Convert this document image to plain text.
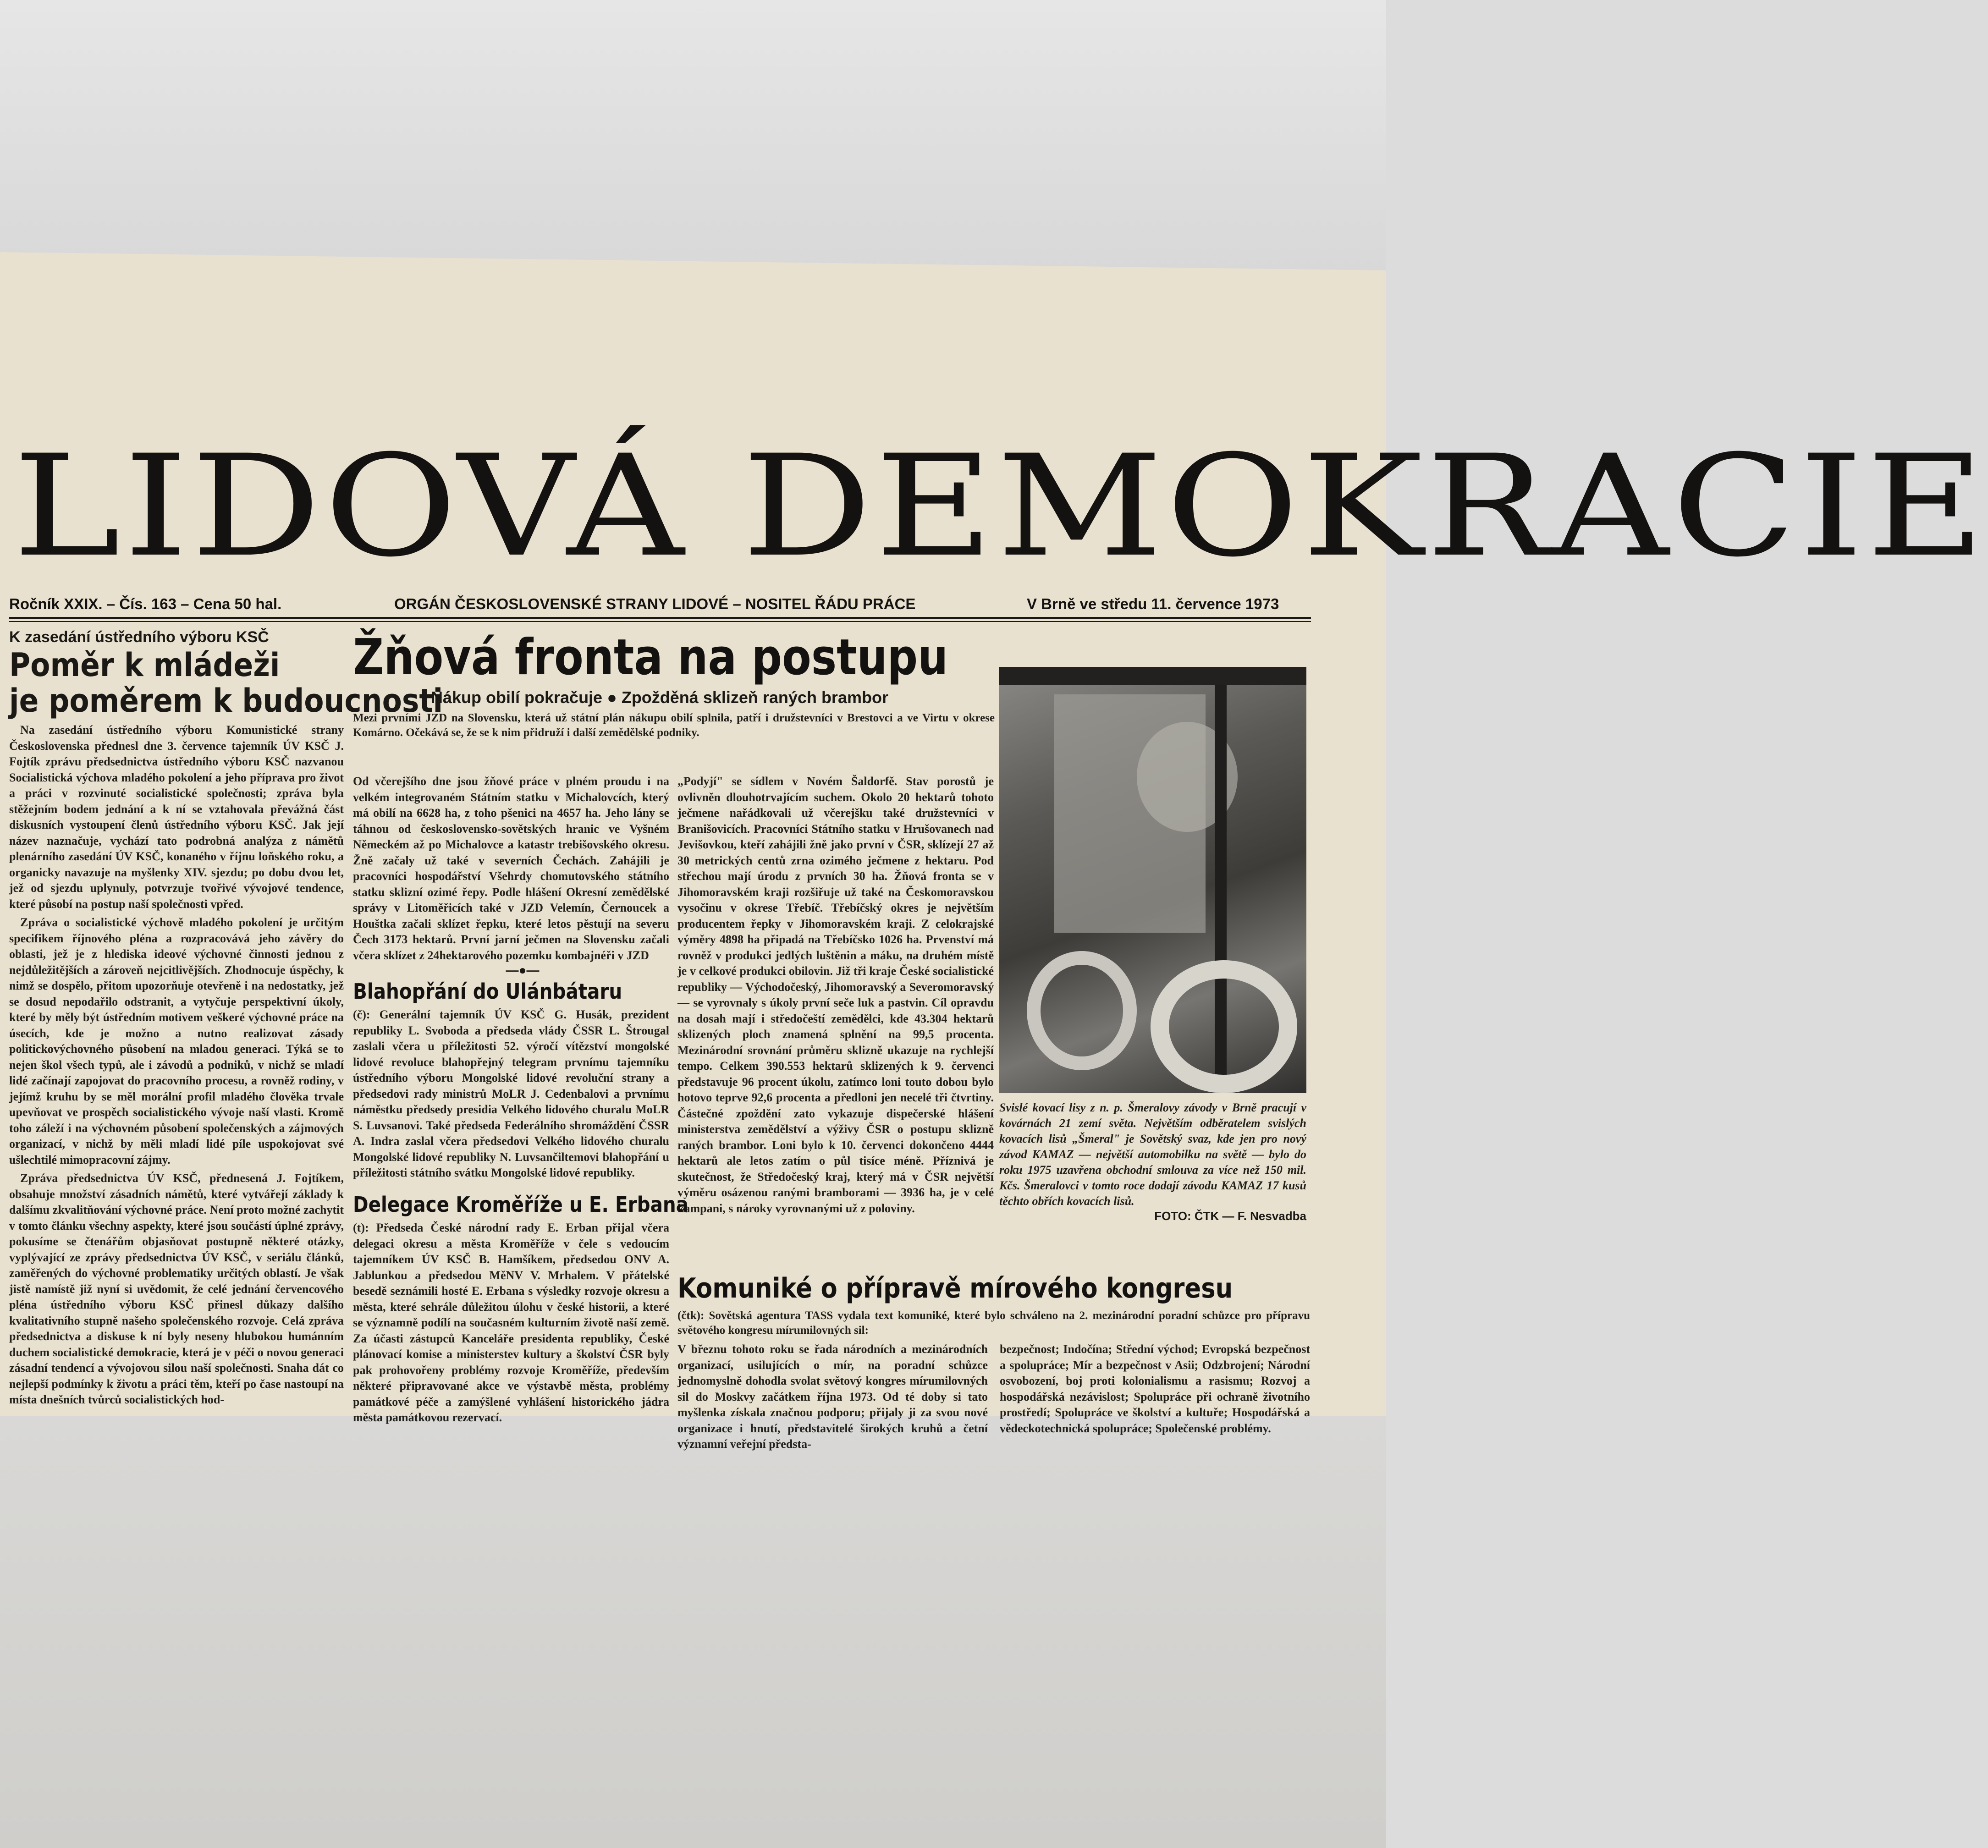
LIDOVÁ DEMOKRACIE
Ročník XXIX. – Čís. 163 – Cena 50 hal.	ORGÁN ČESKOSLOVENSKÉ STRANY LIDOVÉ – NOSITEL ŘÁDU PRÁCE	V Brně ve středu 11. července 1973
K zasedání ústředního výboru KSČ
Poměr k mládeži
je poměrem k budoucnosti

Na zasedání ústředního výboru Komunistické strany Československa přednesl dne 3. července tajemník ÚV KSČ J. Fojtík zprávu předsednictva ústředního výboru KSČ nazvanou Socialistická výchova mladého pokolení a jeho příprava pro život a práci v rozvinuté socialistické společnosti; zpráva byla stěžejním bodem jednání a k ní se vztahovala převážná část diskusních vystoupení členů ústředního výboru KSČ. Jak její název naznačuje, vychází tato podrobná analýza z námětů plenárního zasedání ÚV KSČ, konaného v říjnu loňského roku, a organicky navazuje na myšlenky XIV. sjezdu; po dobu dvou let, jež od sjezdu uplynuly, potvrzuje tvořivé vývojové tendence, které působí na postup naší společnosti vpřed.

Zpráva o socialistické výchově mladého pokolení je určitým specifikem říjnového pléna a rozpracovává jeho závěry do oblasti, jež je z hlediska ideové výchovné činnosti jednou z nejdůležitějších a zároveň nejcitlivějších. Zhodnocuje úspěchy, k nimž se dospělo, přitom upozorňuje otevřeně i na nedostatky, jež se dosud nepodařilo odstranit, a vytyčuje perspektivní úkoly, které by měly být ústředním motivem veškeré výchovné práce na úsecích, kde je možno a nutno realizovat zásady politickovýchovného působení na mladou generaci. Týká se to nejen škol všech typů, ale i závodů a podniků, v nichž se mladí lidé začínají zapojovat do pracovního procesu, a rovněž rodiny, v jejímž kruhu by se měl morální profil mladého člověka trvale upevňovat ve prospěch socialistického vývoje naší vlasti. Kromě toho záleží i na výchovném působení společenských a zájmových organizací, v nichž by měli mladí lidé píle uspokojovat své ušlechtilé mimopracovní zájmy.

Zpráva předsednictva ÚV KSČ, přednesená J. Fojtíkem, obsahuje množství zásadních námětů, které vytvářejí základy k dalšímu zkvalitňování výchovné práce. Není proto možné zachytit v tomto článku všechny aspekty, které jsou součástí úplné zprávy, pokusíme se čtenářům objasňovat postupně některé otázky, vyplývající ze zprávy předsednictva ÚV KSČ, v seriálu článků, zaměřených do výchovné problematiky určitých oblastí. Je však jistě namístě již nyní si uvědomit, že celé jednání červencového pléna ústředního výboru KSČ přinesl důkazy dalšího kvalitativního stupně našeho společenského rozvoje. Celá zpráva předsednictva a diskuse k ní byly neseny hlubokou humánním duchem socialistické demokracie, která je v péči o novou generaci zásadní tendencí a vývojovou silou naší společnosti. Snaha dát co nejlepší podmínky k životu a práci těm, kteří po čase nastoupí na místa dnešních tvůrců socialistických hod-

Žňová fronta na postupu
Nákup obilí pokračuje ● Zpožděná sklizeň raných brambor
Mezi prvními JZD na Slovensku, která už státní plán nákupu obilí splnila, patří i družstevníci v Brestovci a ve Virtu v okrese Komárno. Očekává se, že se k nim přidruží i další zemědělské podniky.
Od včerejšího dne jsou žňové práce v plném proudu i na velkém integrovaném Státním statku v Michalovcích, který má obilí na 6628 ha, z toho pšenici na 4657 ha. Jeho lány se táhnou od československo-sovětských hranic ve Vyšném Německém až po Michalovce a katastr trebišovského okresu. Žně začaly už také v severních Čechách. Zahájili je pracovníci hospodářství Všehrdy chomutovského státního statku sklizní ozimé řepy. Podle hlášení Okresní zemědělské správy v Litoměřicích také v JZD Velemín, Černoucek a Houštka začali sklízet řepku, které letos pěstují na severu Čech 3173 hektarů. První jarní ječmen na Slovensku začali včera sklízet z 24hektarového pozemku kombajnéři v JZD
—●—
„Podyjí" se sídlem v Novém Šaldorfě. Stav porostů je ovlivněn dlouhotrvajícím suchem. Okolo 20 hektarů tohoto ječmene nařádkovali už včerejšku také družstevníci v Branišovicích. Pracovníci Státního statku v Hrušovanech nad Jevišovkou, kteří zahájili žně jako první v ČSR, sklízejí 27 až 30 metrických centů zrna ozimého ječmene z hektaru. Pod střechou mají úrodu z prvních 30 ha. Žňová fronta se v Jihomoravském kraji rozšiřuje už také na Českomoravskou vysočinu v okrese Třebíč. Třebíčský okres je největším producentem řepky v Jihomoravském kraji. Z celokrajské výměry 4898 ha připadá na Třebíčsko 1026 ha. Prvenství má rovněž v produkci jedlých luštěnin a máku, na druhém místě je v celkové produkci obilovin. Již tři kraje České socialistické republiky — Východočeský, Jihomoravský a Severomoravský — se vyrovnaly s úkoly první seče luk a pastvin. Cíl opravdu na dosah mají i středočeští zemědělci, kde 43.304 hektarů sklizených ploch znamená splnění na 99,5 procenta. Mezinárodní srovnání průměru sklizně ukazuje na rychlejší tempo. Celkem 390.553 hektarů sklizených k 9. červenci představuje 96 procent úkolu, zatímco loni touto dobou bylo hotovo teprve 92,6 procenta a předloni jen necelé tři čtvrtiny. Částečné zpoždění zato vykazuje dispečerské hlášení ministerstva zemědělství a výživy ČSR o postupu sklizně raných brambor. Loni bylo k 10. červenci dokončeno 4444 hektarů ale letos zatím o půl tisíce méně. Příznivá je skutečnost, že Středočeský kraj, který má v ČSR největší výměru osázenou ranými bramborami — 3936 ha, je v celé kampani, s nároky vyrovnanými už z poloviny.
Blahopřání do Ulánbátaru
(č): Generální tajemník ÚV KSČ G. Husák, prezident republiky L. Svoboda a předseda vlády ČSSR L. Štrougal zaslali včera u příležitosti 52. výročí vítězství mongolské lidové revoluce blahopřejný telegram prvnímu tajemníku ústředního výboru Mongolské lidové revoluční strany a předsedovi rady ministrů MoLR J. Cedenbalovi a prvnímu náměstku předsedy presidia Velkého lidového churalu MoLR S. Luvsanovi. Také předseda Federálního shromáždění ČSSR A. Indra zaslal včera předsedovi Velkého lidového churalu Mongolské lidové republiky N. Luvsančiltemovi blahopřání u příležitosti státního svátku Mongolské lidové republiky.
Delegace Kroměříže u E. Erbana
(t): Předseda České národní rady E. Erban přijal včera delegaci okresu a města Kroměříže v čele s vedoucím tajemníkem ÚV KSČ B. Hamšíkem, předsedou ONV A. Jablunkou a předsedou MěNV V. Mrhalem. V přátelské besedě seznámili hosté E. Erbana s výsledky rozvoje okresu a města, které sehrále důležitou úlohu v české historii, a které se významně podílí na současném kulturním životě naší země. Za účasti zástupců Kanceláře presidenta republiky, České plánovací komise a ministerstev kultury a školství ČSR byly pak prohovořeny problémy rozvoje Kroměříže, především některé připravované akce ve výstavbě města, problémy památkové péče a zamýšlené vyhlášení historického jádra města památkovou rezervací.
Svislé kovací lisy z n. p. Šmeralovy závody v Brně pracují v kovárnách 21 zemí světa. Největším odběratelem svislých kovacích lisů „Šmeral" je Sovětský svaz, kde jen pro nový závod KAMAZ — největší automobilku na světě — bylo do roku 1975 uzavřena obchodní smlouva za více než 150 mil. Kčs. Šmeralovci v tomto roce dodají závodu KAMAZ 17 kusů těchto obřích kovacích lisů.
FOTO: ČTK — F. Nesvadba
Komuniké o přípravě mírového kongresu
(čtk): Sovětská agentura TASS vydala text komuniké, které bylo schváleno na 2. mezinárodní poradní schůzce pro přípravu světového kongresu mírumilovných sil:
V březnu tohoto roku se řada národních a mezinárodních organizací, usilujících o mír, na poradní schůzce jednomyslně dohodla svolat světový kongres mírumilovných sil do Moskvy začátkem října 1973. Od té doby si tato myšlenka získala značnou podporu; přijaly ji za svou nové organizace i hnutí, představitelé širokých kruhů a četní významní veřejní předsta-
bezpečnost; Indočína; Střední východ; Evropská bezpečnost a spolupráce; Mír a bezpečnost v Asii; Odzbrojení; Národní osvobození, boj proti kolonialismu a rasismu; Rozvoj a hospodářská nezávislost; Spolupráce při ochraně životního prostředí; Spolupráce ve školství a kultuře; Hospodářská a vědeckotechnická spolupráce; Společenské problémy.
